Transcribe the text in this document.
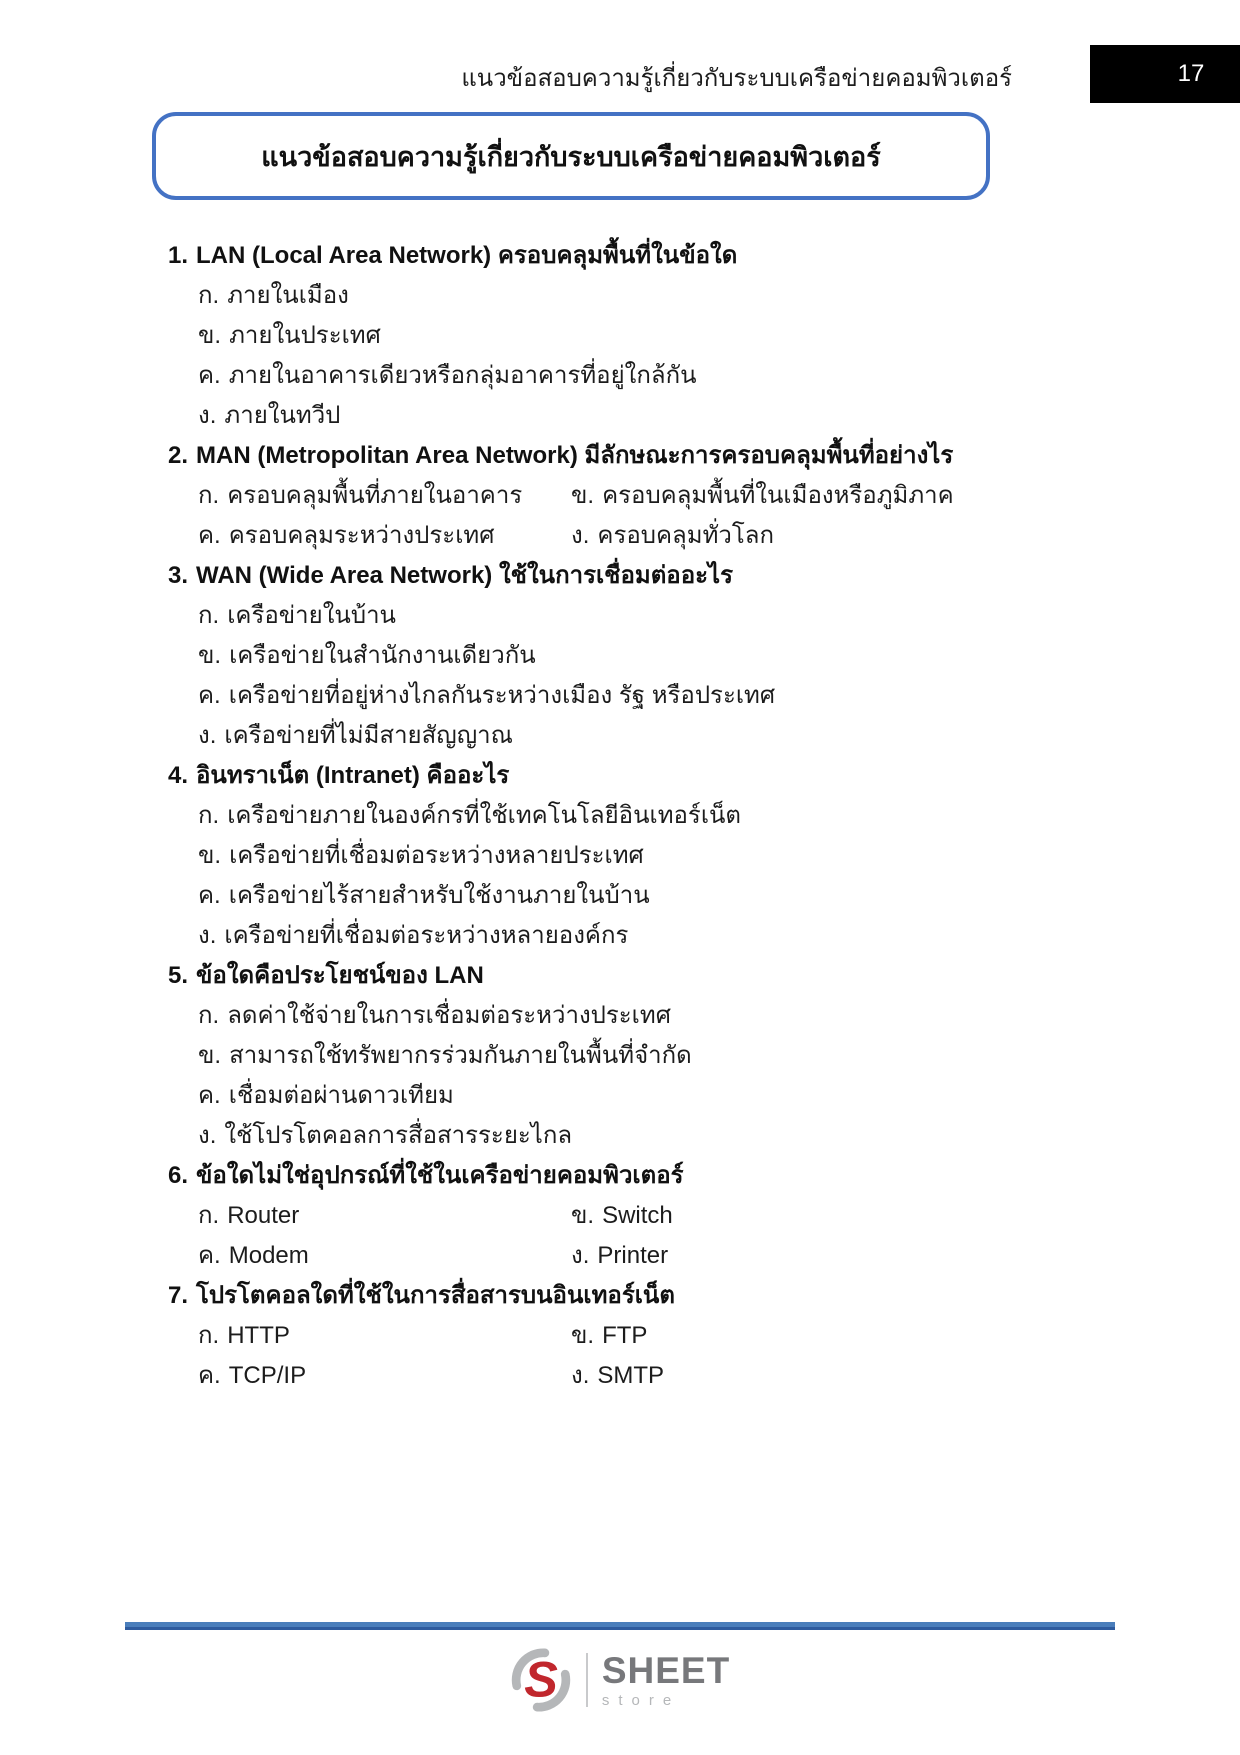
แนวข้อสอบความรู้เกี่ยวกับระบบเครือข่ายคอมพิวเตอร์	17
แนวข้อสอบความรู้เกี่ยวกับระบบเครือข่ายคอมพิวเตอร์
1. LAN (Local Area Network) ครอบคลุมพื้นที่ในข้อใด
ก. ภายในเมือง
ข. ภายในประเทศ
ค. ภายในอาคารเดียวหรือกลุ่มอาคารที่อยู่ใกล้กัน
ง. ภายในทวีป
2. MAN (Metropolitan Area Network) มีลักษณะการครอบคลุมพื้นที่อย่างไร
ก. ครอบคลุมพื้นที่ภายในอาคาร	ข. ครอบคลุมพื้นที่ในเมืองหรือภูมิภาค
ค. ครอบคลุมระหว่างประเทศ	ง. ครอบคลุมทั่วโลก
3. WAN (Wide Area Network) ใช้ในการเชื่อมต่ออะไร
ก. เครือข่ายในบ้าน
ข. เครือข่ายในสำนักงานเดียวกัน
ค. เครือข่ายที่อยู่ห่างไกลกันระหว่างเมือง รัฐ หรือประเทศ
ง. เครือข่ายที่ไม่มีสายสัญญาณ
4. อินทราเน็ต (Intranet) คืออะไร
ก. เครือข่ายภายในองค์กรที่ใช้เทคโนโลยีอินเทอร์เน็ต
ข. เครือข่ายที่เชื่อมต่อระหว่างหลายประเทศ
ค. เครือข่ายไร้สายสำหรับใช้งานภายในบ้าน
ง. เครือข่ายที่เชื่อมต่อระหว่างหลายองค์กร
5. ข้อใดคือประโยชน์ของ LAN
ก. ลดค่าใช้จ่ายในการเชื่อมต่อระหว่างประเทศ
ข. สามารถใช้ทรัพยากรร่วมกันภายในพื้นที่จำกัด
ค. เชื่อมต่อผ่านดาวเทียม
ง. ใช้โปรโตคอลการสื่อสารระยะไกล
6. ข้อใดไม่ใช่อุปกรณ์ที่ใช้ในเครือข่ายคอมพิวเตอร์
ก. Router	ข. Switch
ค. Modem	ง. Printer
7. โปรโตคอลใดที่ใช้ในการสื่อสารบนอินเทอร์เน็ต
ก. HTTP	ข. FTP
ค. TCP/IP	ง. SMTP
S SHEET
store
